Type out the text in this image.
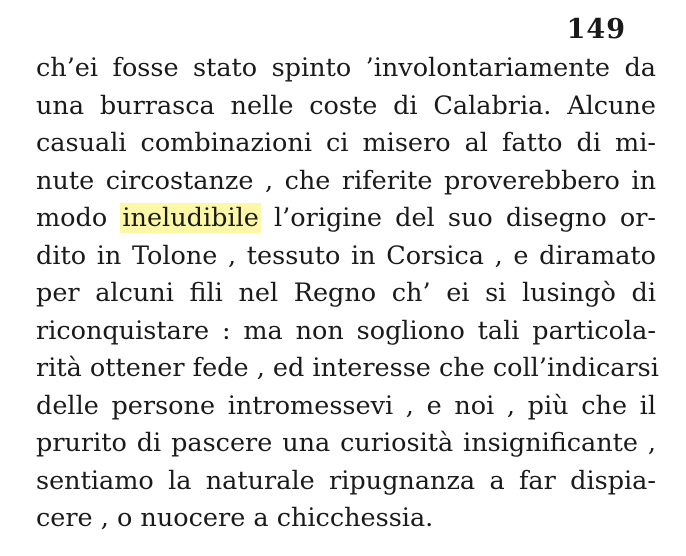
149
ch’ei fosse stato spinto ’involontariamente da
una burrasca nelle coste di Calabria. Alcune
casuali combinazioni ci misero al fatto di mi-
nute circostanze , che riferite proverebbero in
modo ineludibile l’origine del suo disegno or-
dito in Tolone , tessuto in Corsica , e diramato
per alcuni fili nel Regno ch’ ei si lusingò di
riconquistare : ma non sogliono tali particola-
rità ottener fede , ed interesse che coll’indicarsi
delle persone intromessevi , e noi , più che il
prurito di pascere una curiosità insignificante ,
sentiamo la naturale ripugnanza a far dispia-
cere , o nuocere a chicchessia.
